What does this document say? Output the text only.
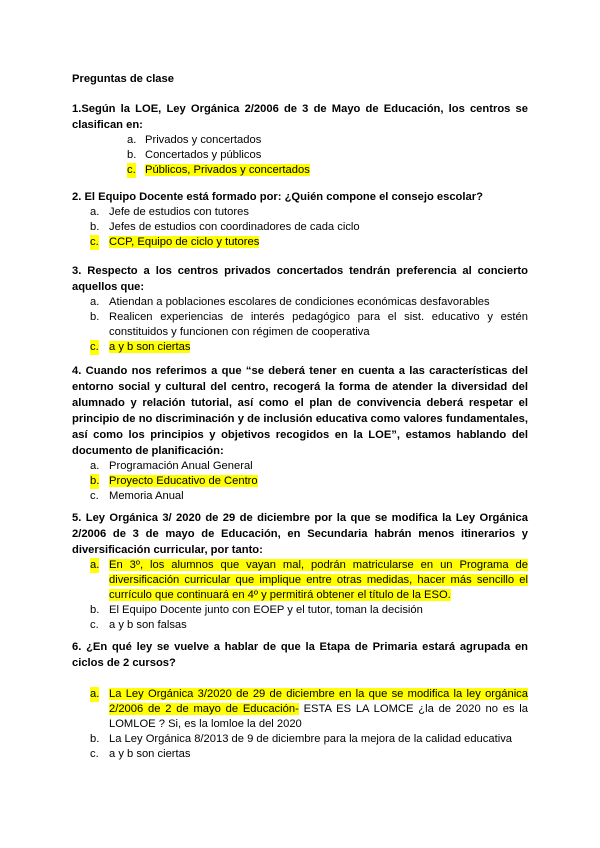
Preguntas de clase
1.Según la LOE, Ley Orgánica 2/2006 de 3 de Mayo de Educación, los centros se clasifican en:
a. Privados y concertados
b. Concertados y públicos
c. Públicos, Privados y concertados
2. El Equipo Docente está formado por: ¿Quién compone el consejo escolar?
a. Jefe de estudios con tutores
b. Jefes de estudios con coordinadores de cada ciclo
c. CCP, Equipo de ciclo y tutores
3. Respecto a los centros privados concertados tendrán preferencia al concierto aquellos que:
a. Atiendan a poblaciones escolares de condiciones económicas desfavorables
b. Realicen experiencias de interés pedagógico para el sist. educativo y estén constituidos y funcionen con régimen de cooperativa
c. a y b son ciertas
4. Cuando nos referimos a que “se deberá tener en cuenta a las características del entorno social y cultural del centro, recogerá la forma de atender la diversidad del alumnado y relación tutorial, así como el plan de convivencia deberá respetar el principio de no discriminación y de inclusión educativa como valores fundamentales, así como los principios y objetivos recogidos en la LOE”, estamos hablando del documento de planificación:
a. Programación Anual General
b. Proyecto Educativo de Centro
c. Memoria Anual
5. Ley Orgánica 3/ 2020 de 29 de diciembre por la que se modifica la Ley Orgánica 2/2006 de 3 de mayo de Educación, en Secundaria habrán menos itinerarios y diversificación curricular, por tanto:
a. En 3º, los alumnos que vayan mal, podrán matricularse en un Programa de diversificación curricular que implique entre otras medidas, hacer más sencillo el currículo que continuará en 4º y permitirá obtener el título de la ESO.
b. El Equipo Docente junto con EOEP y el tutor, toman la decisión
c. a y b son falsas
6. ¿En qué ley se vuelve a hablar de que la Etapa de Primaria estará agrupada en ciclos de 2 cursos?
a. La Ley Orgánica 3/2020 de 29 de diciembre en la que se modifica la ley orgánica 2/2006 de 2 de mayo de Educación- ESTA ES LA LOMCE ¿la de 2020 no es la LOMLOE ? Si, es la lomloe la del 2020
b. La Ley Orgánica 8/2013 de 9 de diciembre para la mejora de la calidad educativa
c. a y b son ciertas
